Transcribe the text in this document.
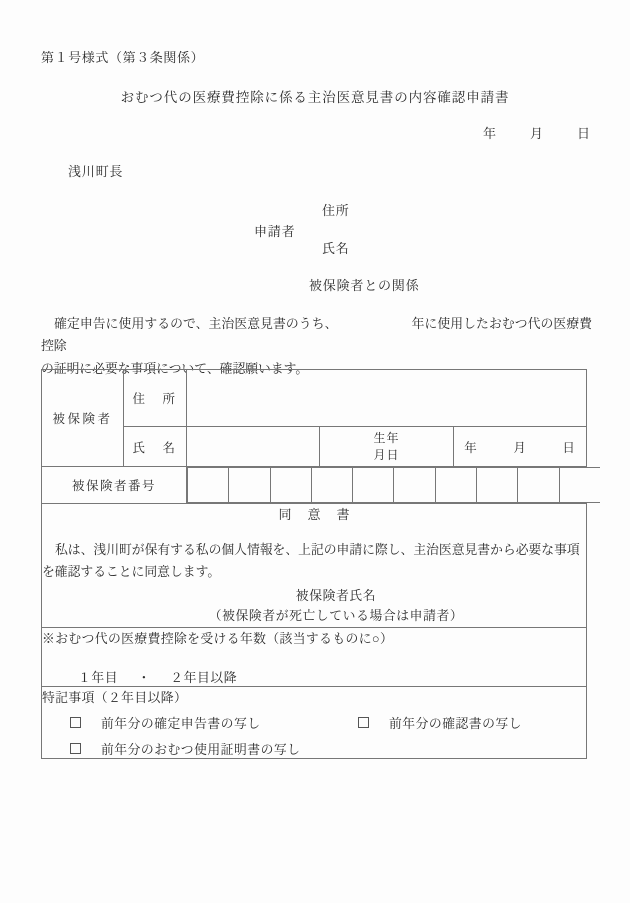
第１号様式（第３条関係）
おむつ代の医療費控除に係る主治医意見書の内容確認申請書
年	月	日
浅川町長
申請者
住所
氏名
被保険者との関係
確定申告に使用するので、主治医意見書のうち、	年に使用したおむつ代の医療費控除
の証明に必要な事項について、確認願います。
被保険者	住　所	
氏　名		生年
月日	年	月	日
被保険者番号	

同意書
私は、浅川町が保有する私の個人情報を、上記の申請に際し、主治医意見書から必要な事項
を確認することに同意します。
被保険者氏名
（被保険者が死亡している場合は申請者）

※おむつ代の医療費控除を受ける年数（該当するものに○）
１年目 ・ ２年目以降

特記事項（２年目以降）
前年分の確定申告書の写し	前年分の確認書の写し
前年分のおむつ使用証明書の写し
